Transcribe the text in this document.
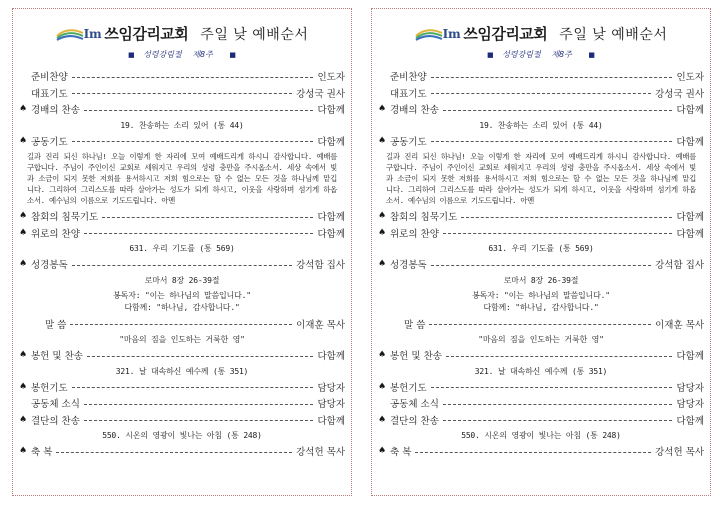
Im 쓰임감리교회 주일 낮 예배순서
■ 성령강림절 제8주 ■
준비찬양	인도자
대표기도	강성국 권사
♠ 경배의 찬송	다함께
19. 찬송하는 소리 있어 (통 44)
♠ 공동기도	다함께
길과 진리 되신 하나님! 오늘 이렇게 한 자리에 모여 예배드리게 하시니 감사합니다. 예배를 구합니다. 주님이 주인이신 교회로 세워지고 우리의 성령 충만을 주시옵소서. 세상 속에서 빛과 소금이 되지 못한 저희를 용서하시고 저희 힘으로는 할 수 없는 모든 것을 하나님께 맡깁니다. 그리하여 그리스도를 따라 살아가는 성도가 되게 하시고, 이웃을 사랑하며 섬기게 하옵소서. 예수님의 이름으로 기도드립니다. 아멘
♠ 참회의 침묵기도	다함께
♠ 위로의 찬양	다함께
631. 우리 기도를 (통 569)
♠ 성경봉독	강석함 집사
로마서 8장 26-39절
봉독자: "이는 하나님의 말씀입니다."
다함께: "하나님, 감사합니다."
말 씀	이재훈 목사
"마음의 짐을 인도하는 거룩한 영"
♠ 봉헌 및 찬송	다함께
321. 날 대속하신 예수께 (통 351)
♠ 봉헌기도	담당자
공동체 소식	담당자
♠ 결단의 찬송	다함께
550. 시온의 영광이 빛나는 아침 (통 248)
♠ 축 복	강석헌 목사
Im 쓰임감리교회 주일 낮 예배순서
■ 성령강림절 제8주 ■
준비찬양	인도자
대표기도	강성국 권사
♠ 경배의 찬송	다함께
19. 찬송하는 소리 있어 (통 44)
♠ 공동기도	다함께
길과 진리 되신 하나님! 오늘 이렇게 한 자리에 모여 예배드리게 하시니 감사합니다. 예배를 구합니다. 주님이 주인이신 교회로 세워지고 우리의 성령 충만을 주시옵소서. 세상 속에서 빛과 소금이 되지 못한 저희를 용서하시고 저희 힘으로는 할 수 없는 모든 것을 하나님께 맡깁니다. 그리하여 그리스도를 따라 살아가는 성도가 되게 하시고, 이웃을 사랑하며 섬기게 하옵소서. 예수님의 이름으로 기도드립니다. 아멘
♠ 참회의 침묵기도	다함께
♠ 위로의 찬양	다함께
631. 우리 기도를 (통 569)
♠ 성경봉독	강석함 집사
로마서 8장 26-39절
봉독자: "이는 하나님의 말씀입니다."
다함께: "하나님, 감사합니다."
말 씀	이재훈 목사
"마음의 짐을 인도하는 거룩한 영"
♠ 봉헌 및 찬송	다함께
321. 날 대속하신 예수께 (통 351)
♠ 봉헌기도	담당자
공동체 소식	담당자
♠ 결단의 찬송	다함께
550. 시온의 영광이 빛나는 아침 (통 248)
♠ 축 복	강석헌 목사
